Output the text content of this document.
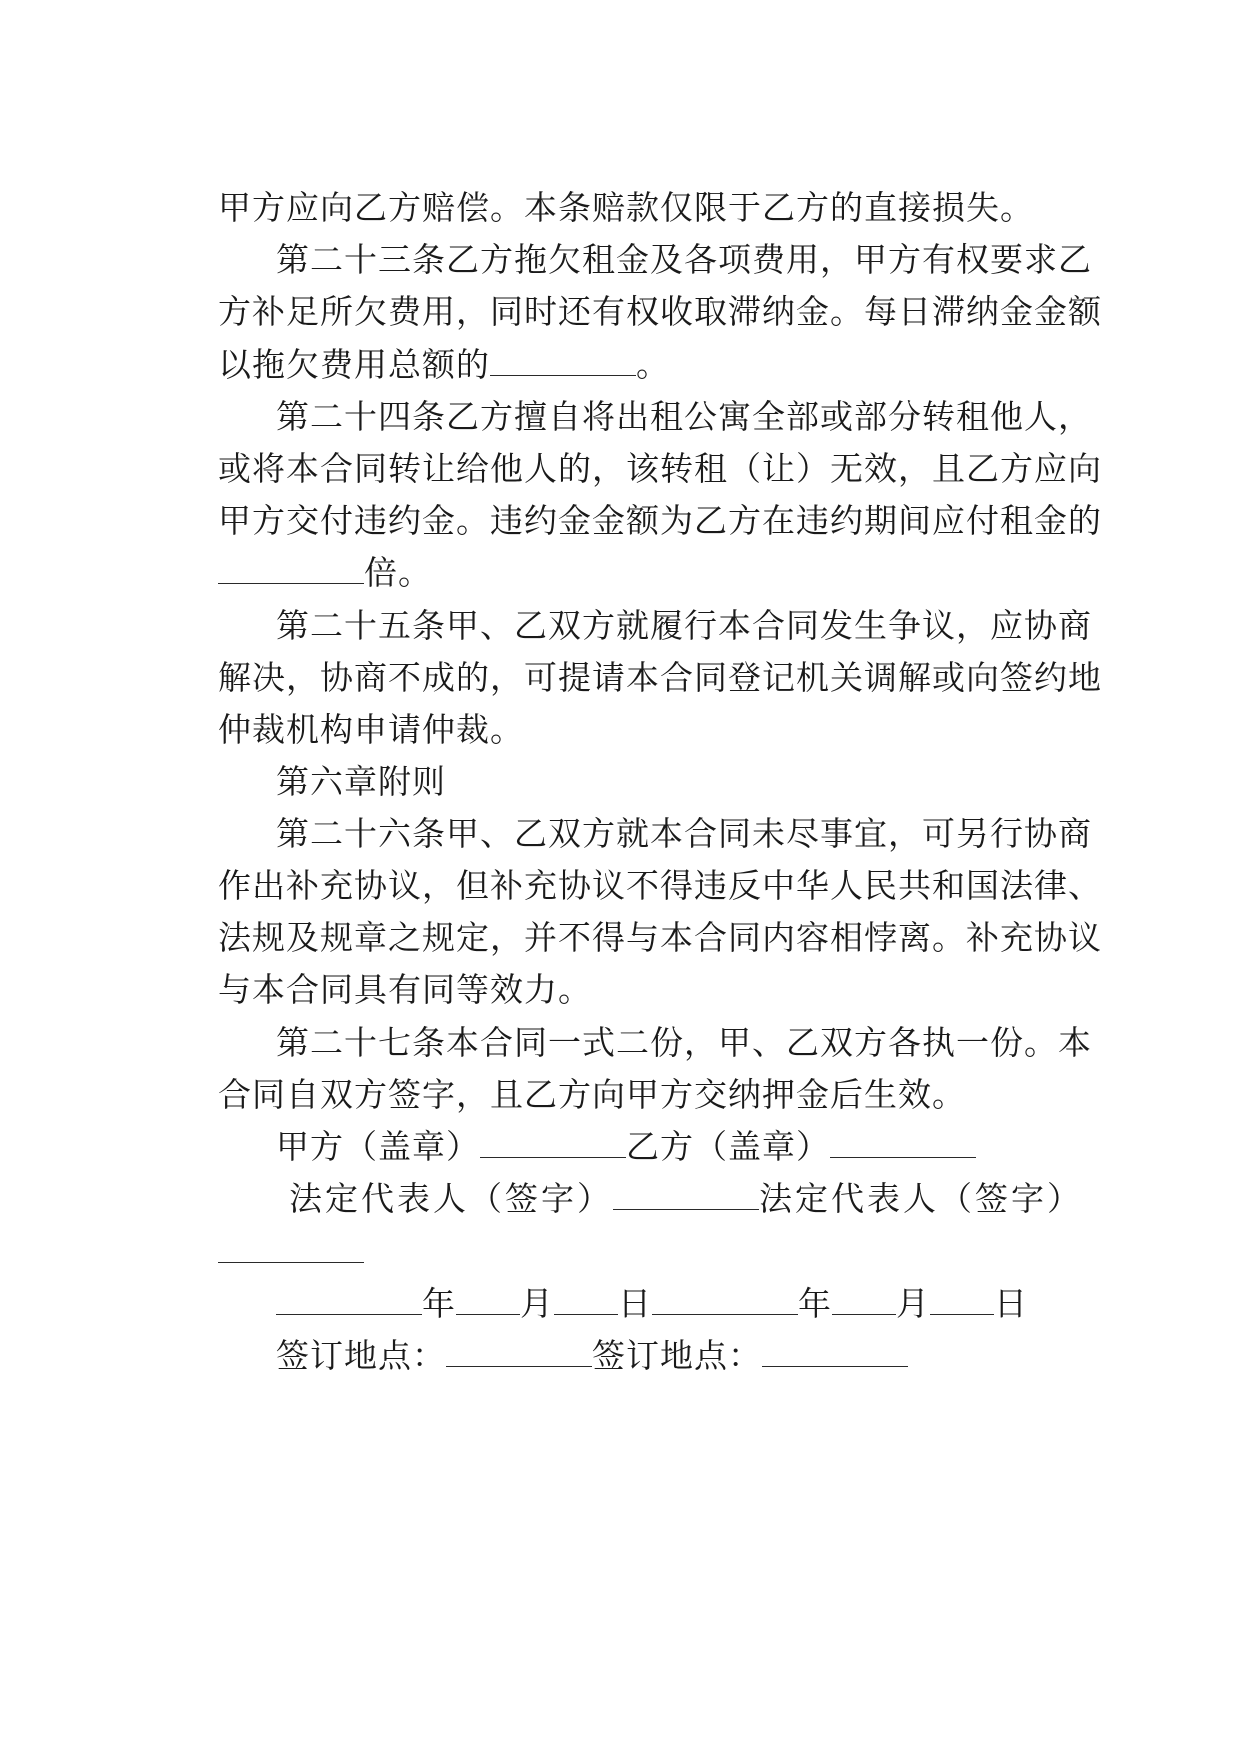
甲方应向乙方赔偿。本条赔款仅限于乙方的直接损失。

第二十三条乙方拖欠租金及各项费用，甲方有权要求乙

方补足所欠费用，同时还有权收取滞纳金。每日滞纳金金额

以拖欠费用总额的	。

第二十四条乙方擅自将出租公寓全部或部分转租他人，

或将本合同转让给他人的，该转租（让）无效，且乙方应向

甲方交付违约金。违约金金额为乙方在违约期间应付租金的

倍。

第二十五条甲、乙双方就履行本合同发生争议，应协商

解决，协商不成的，可提请本合同登记机关调解或向签约地

仲裁机构申请仲裁。

第六章附则

第二十六条甲、乙双方就本合同未尽事宜，可另行协商

作出补充协议，但补充协议不得违反中华人民共和国法律、

法规及规章之规定，并不得与本合同内容相悖离。补充协议

与本合同具有同等效力。

第二十七条本合同一式二份，甲、乙双方各执一份。本

合同自双方签字，且乙方向甲方交纳押金后生效。

甲方（盖章）	乙方（盖章）

法定代表人（签字）	法定代表人（签字）

年 月 日	年 月 日

签订地点：	签订地点：
